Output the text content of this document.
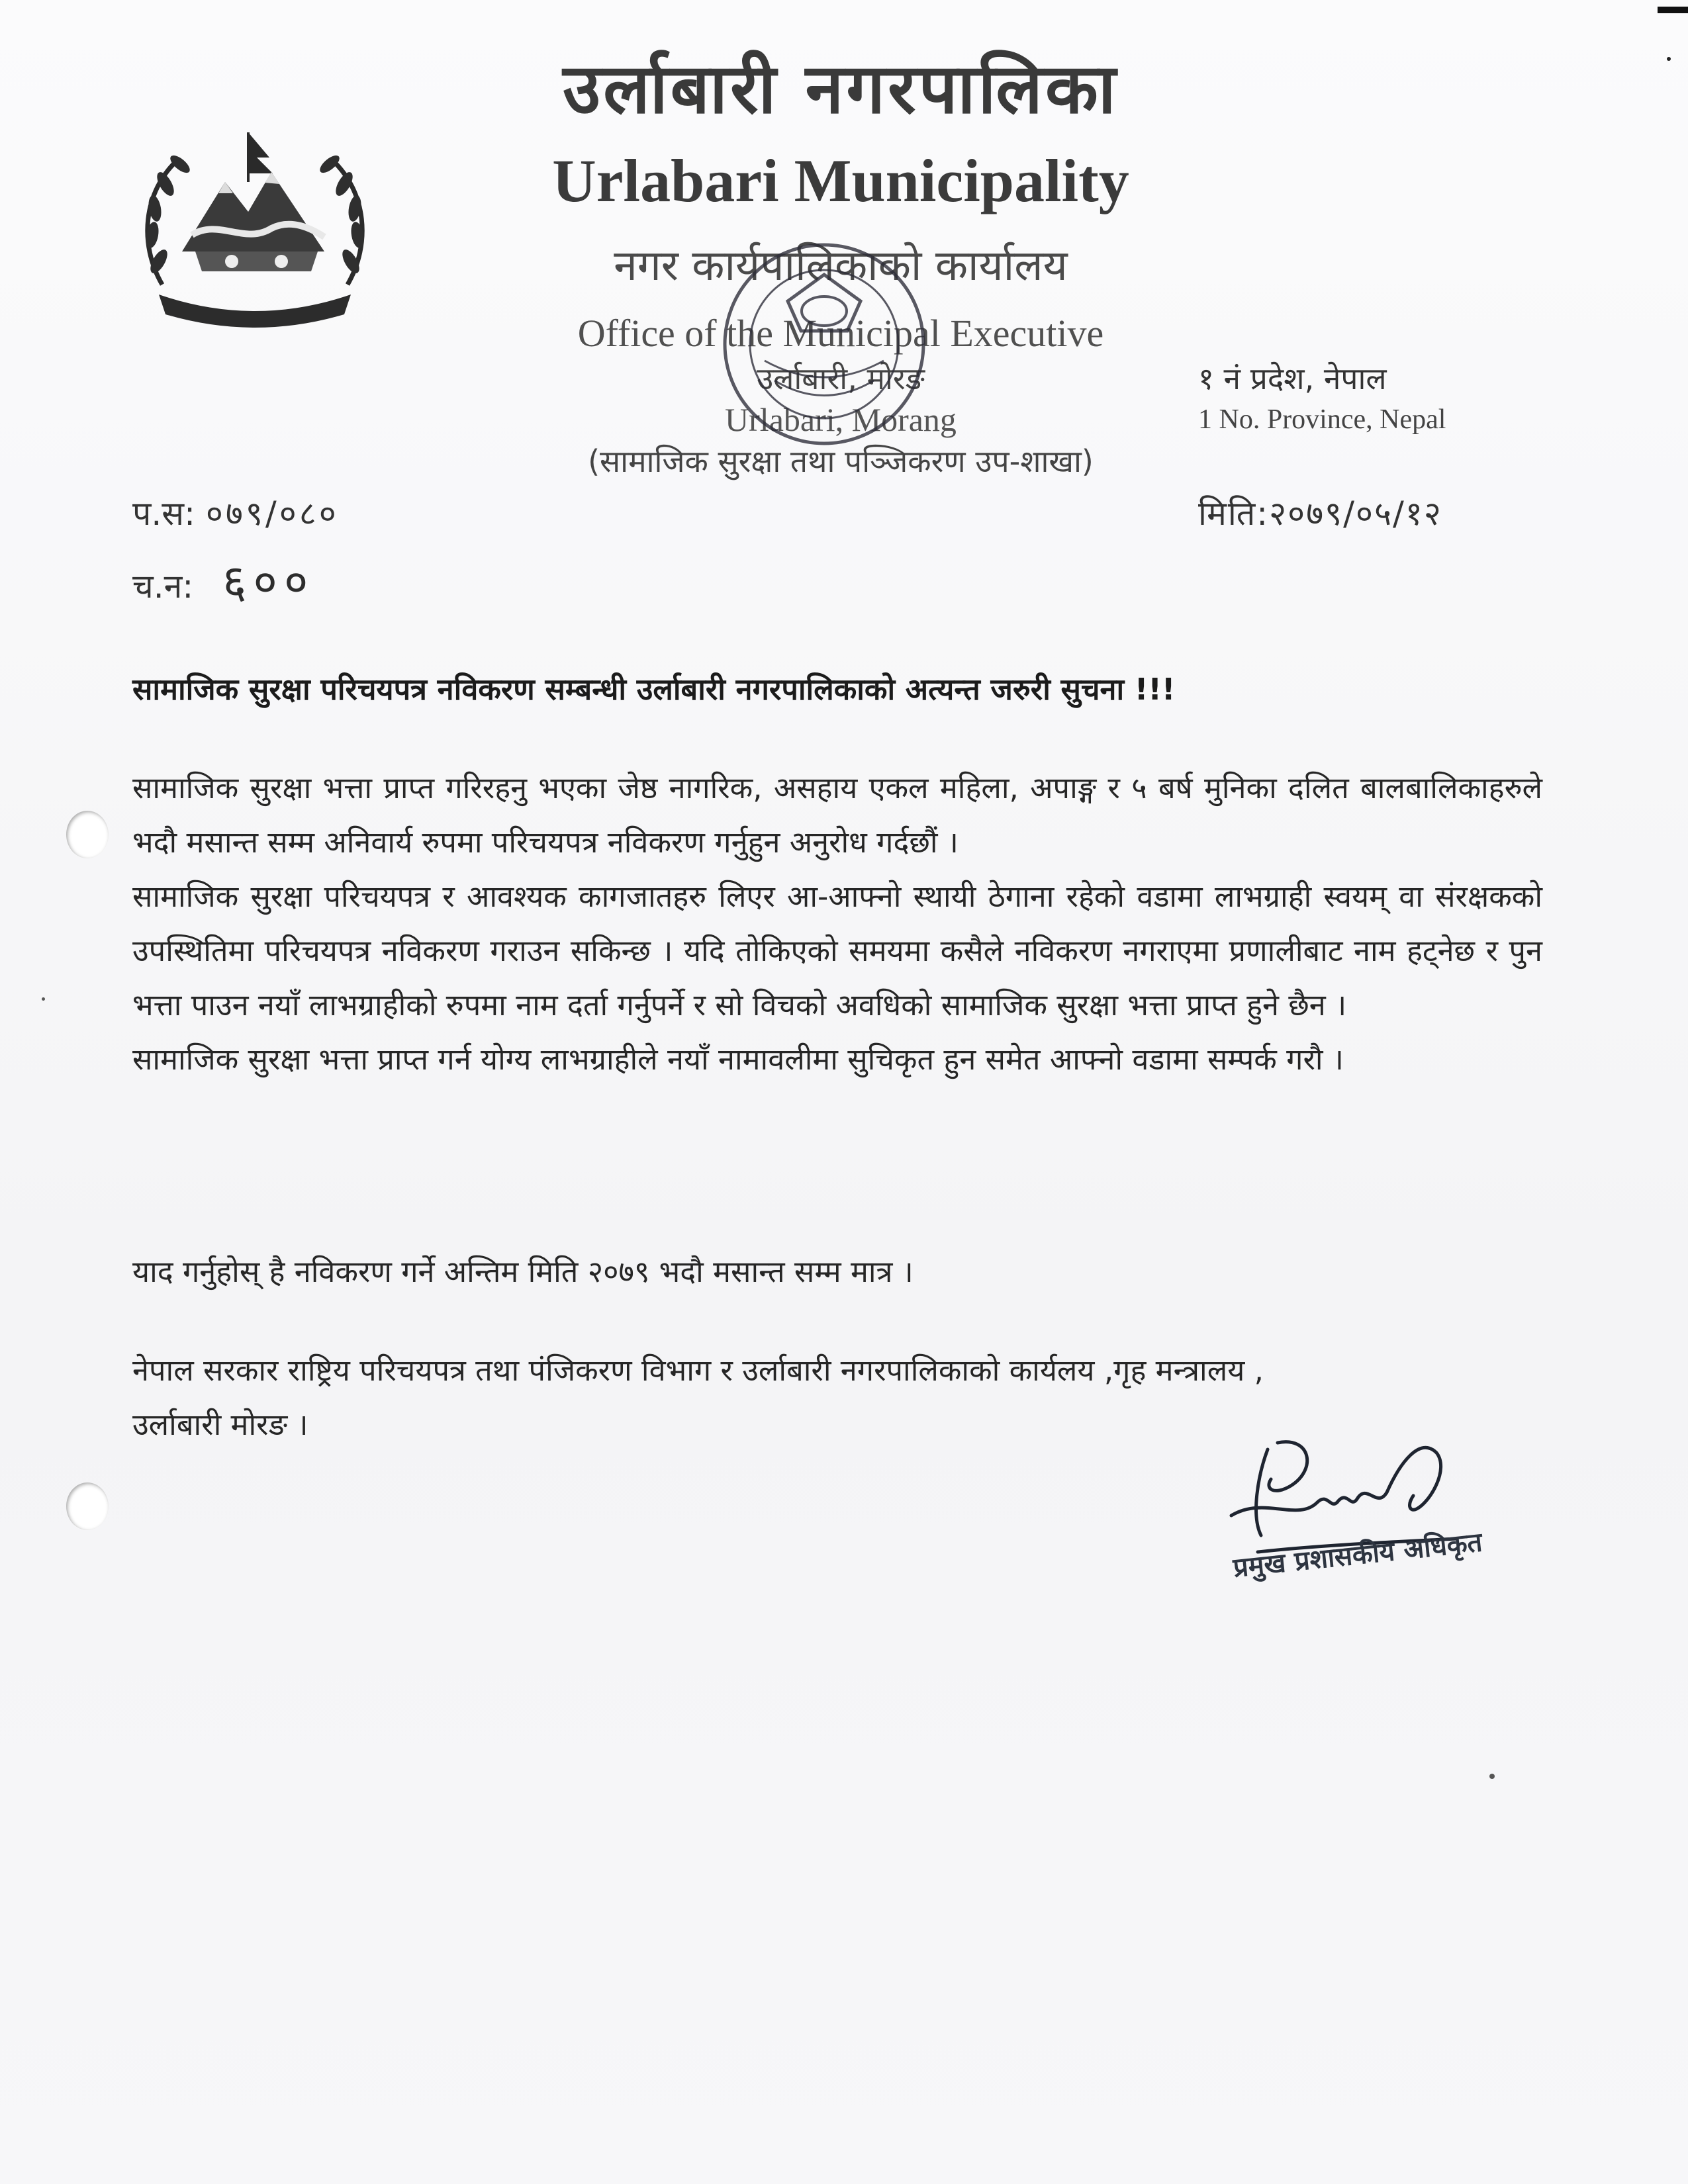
उर्लाबारी नगरपालिका
Urlabari Municipality
नगर कार्यपालिकाको कार्यालय
Office of the Municipal Executive
उर्लाबारी, मोरङ
Urlabari, Morang
(सामाजिक सुरक्षा तथा पञ्जिकरण उप-शाखा)
१ नं प्रदेश, नेपाल
1 No. Province, Nepal
प.स: ०७९/०८०
च.न: ६००
मिति:२०७९/०५/१२
सामाजिक सुरक्षा परिचयपत्र नविकरण सम्बन्धी उर्लाबारी नगरपालिकाको अत्यन्त जरुरी सुचना !!!

सामाजिक सुरक्षा भत्ता प्राप्त गरिरहनु भएका जेष्ठ नागरिक, असहाय एकल महिला, अपाङ्ग र ५ बर्ष मुनिका दलित बालबालिकाहरुले भदौ मसान्त सम्म अनिवार्य रुपमा परिचयपत्र नविकरण गर्नुहुन अनुरोध गर्दछौं ।

सामाजिक सुरक्षा परिचयपत्र र आवश्यक कागजातहरु लिएर आ-आफ्नो स्थायी ठेगाना रहेको वडामा लाभग्राही स्वयम् वा संरक्षकको उपस्थितिमा परिचयपत्र नविकरण गराउन सकिन्छ । यदि तोकिएको समयमा कसैले नविकरण नगराएमा प्रणालीबाट नाम हट्नेछ र पुन भत्ता पाउन नयाँ लाभग्राहीको रुपमा नाम दर्ता गर्नुपर्ने र सो विचको अवधिको सामाजिक सुरक्षा भत्ता प्राप्त हुने छैन ।

सामाजिक सुरक्षा भत्ता प्राप्त गर्न योग्य लाभग्राहीले नयाँ नामावलीमा सुचिकृत हुन समेत आफ्नो वडामा सम्पर्क गरौ ।

याद गर्नुहोस् है नविकरण गर्ने अन्तिम मिति २०७९ भदौ मसान्त सम्म मात्र ।

नेपाल सरकार राष्ट्रिय परिचयपत्र तथा पंजिकरण विभाग र उर्लाबारी नगरपालिकाको कार्यलय ,गृह मन्त्रालय ,

उर्लाबारी मोरङ ।

प्रमुख प्रशासकीय अधिकृत
